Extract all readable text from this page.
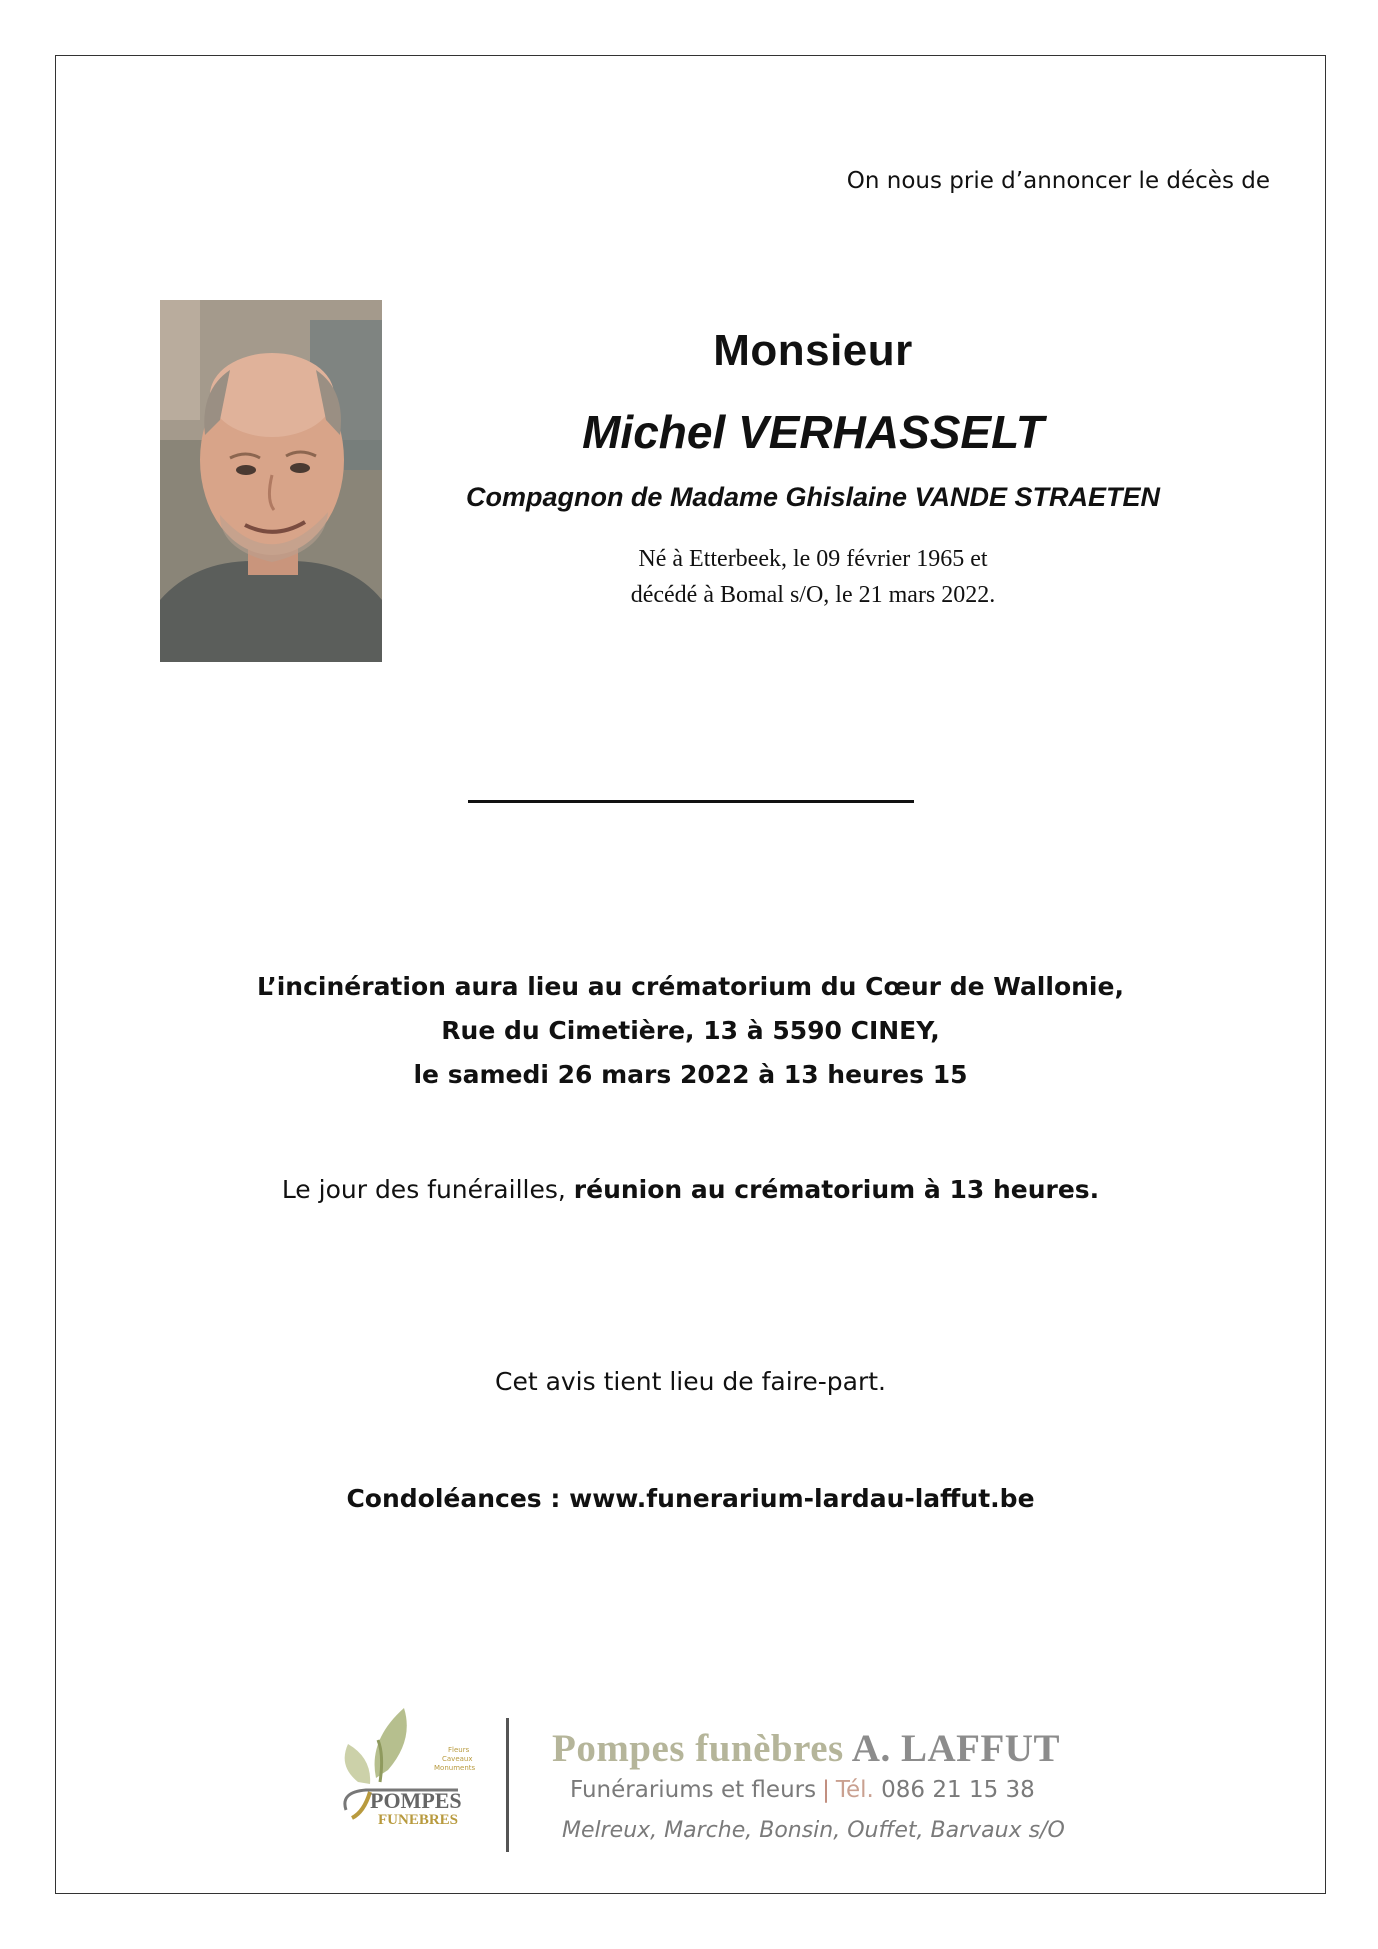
On nous prie d’annoncer le décès de
Monsieur
Michel VERHASSELT
Compagnon de Madame Ghislaine VANDE STRAETEN
Né à Etterbeek, le 09 février 1965 et
décédé à Bomal s/O, le 21 mars 2022.
L’incinération aura lieu au crématorium du Cœur de Wallonie,
Rue du Cimetière, 13 à 5590 CINEY,
le samedi 26 mars 2022 à 13 heures 15
Le jour des funérailles, réunion au crématorium à 13 heures.
Cet avis tient lieu de faire-part.
Condoléances : www.funerarium-lardau-laffut.be
POMPES
FUNEBRES
Fleurs
Caveaux
Monuments Pompes funèbres A. LAFFUT
Funérariums et fleurs | Tél. 086 21 15 38
Melreux, Marche, Bonsin, Ouffet, Barvaux s/O
